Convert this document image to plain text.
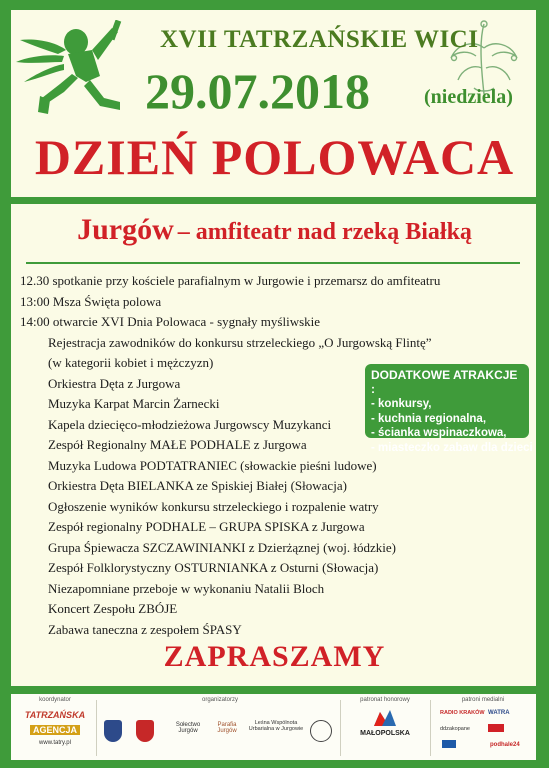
XVII TATRZAŃSKIE WICI
29.07.2018	(niedziela)
DZIEŃ POLOWACA
Jurgów – amfiteatr nad rzeką Białką
12.30 spotkanie przy kościele parafialnym w Jurgowie i przemarsz do amfiteatru
13:00 Msza Święta polowa
14:00 otwarcie XVI Dnia Polowaca - sygnały myśliwskie
Rejestracja zawodników do konkursu strzeleckiego „O Jurgowską Flintę”
(w kategorii kobiet i mężczyzn)
Orkiestra Dęta z Jurgowa
Muzyka Karpat Marcin Żarnecki
Kapela dziecięco-młodzieżowa Jurgowscy Muzykanci
Zespół Regionalny MAŁE PODHALE z Jurgowa
Muzyka Ludowa PODTATRANIEC (słowackie pieśni ludowe)
Orkiestra Dęta BIELANKA ze Spiskiej Białej (Słowacja)
Ogłoszenie wyników konkursu strzeleckiego i rozpalenie watry
Zespół regionalny PODHALE – GRUPA SPISKA z Jurgowa
Grupa Śpiewacza SZCZAWINIANKI z Dzierżąznej (woj. łódzkie)
Zespół Folklorystyczny OSTURNIANKA z Osturni (Słowacja)
Niezapomniane przeboje w wykonaniu Natalii Bloch
Koncert Zespołu ZBÓJE
Zabawa taneczna z zespołem ŚPASY
DODATKOWE ATRAKCJE :
- konkursy,
- kuchnia regionalna,
- ścianka wspinaczkowa,
- miasteczko zabaw dla dzieci
ZAPRASZAMY
koordynator
TATRZAŃSKA
AGENCJA
www.tatry.pl
organizatorzy
Sołectwo Jurgów
Parafia Jurgów
Leśna Wspólnota Urbarialna w Jurgowie
patronat honorowy
MAŁOPOLSKA
patroni medialni
RADIO KRAKÓW WATRA
ddzakopane
podhale24
